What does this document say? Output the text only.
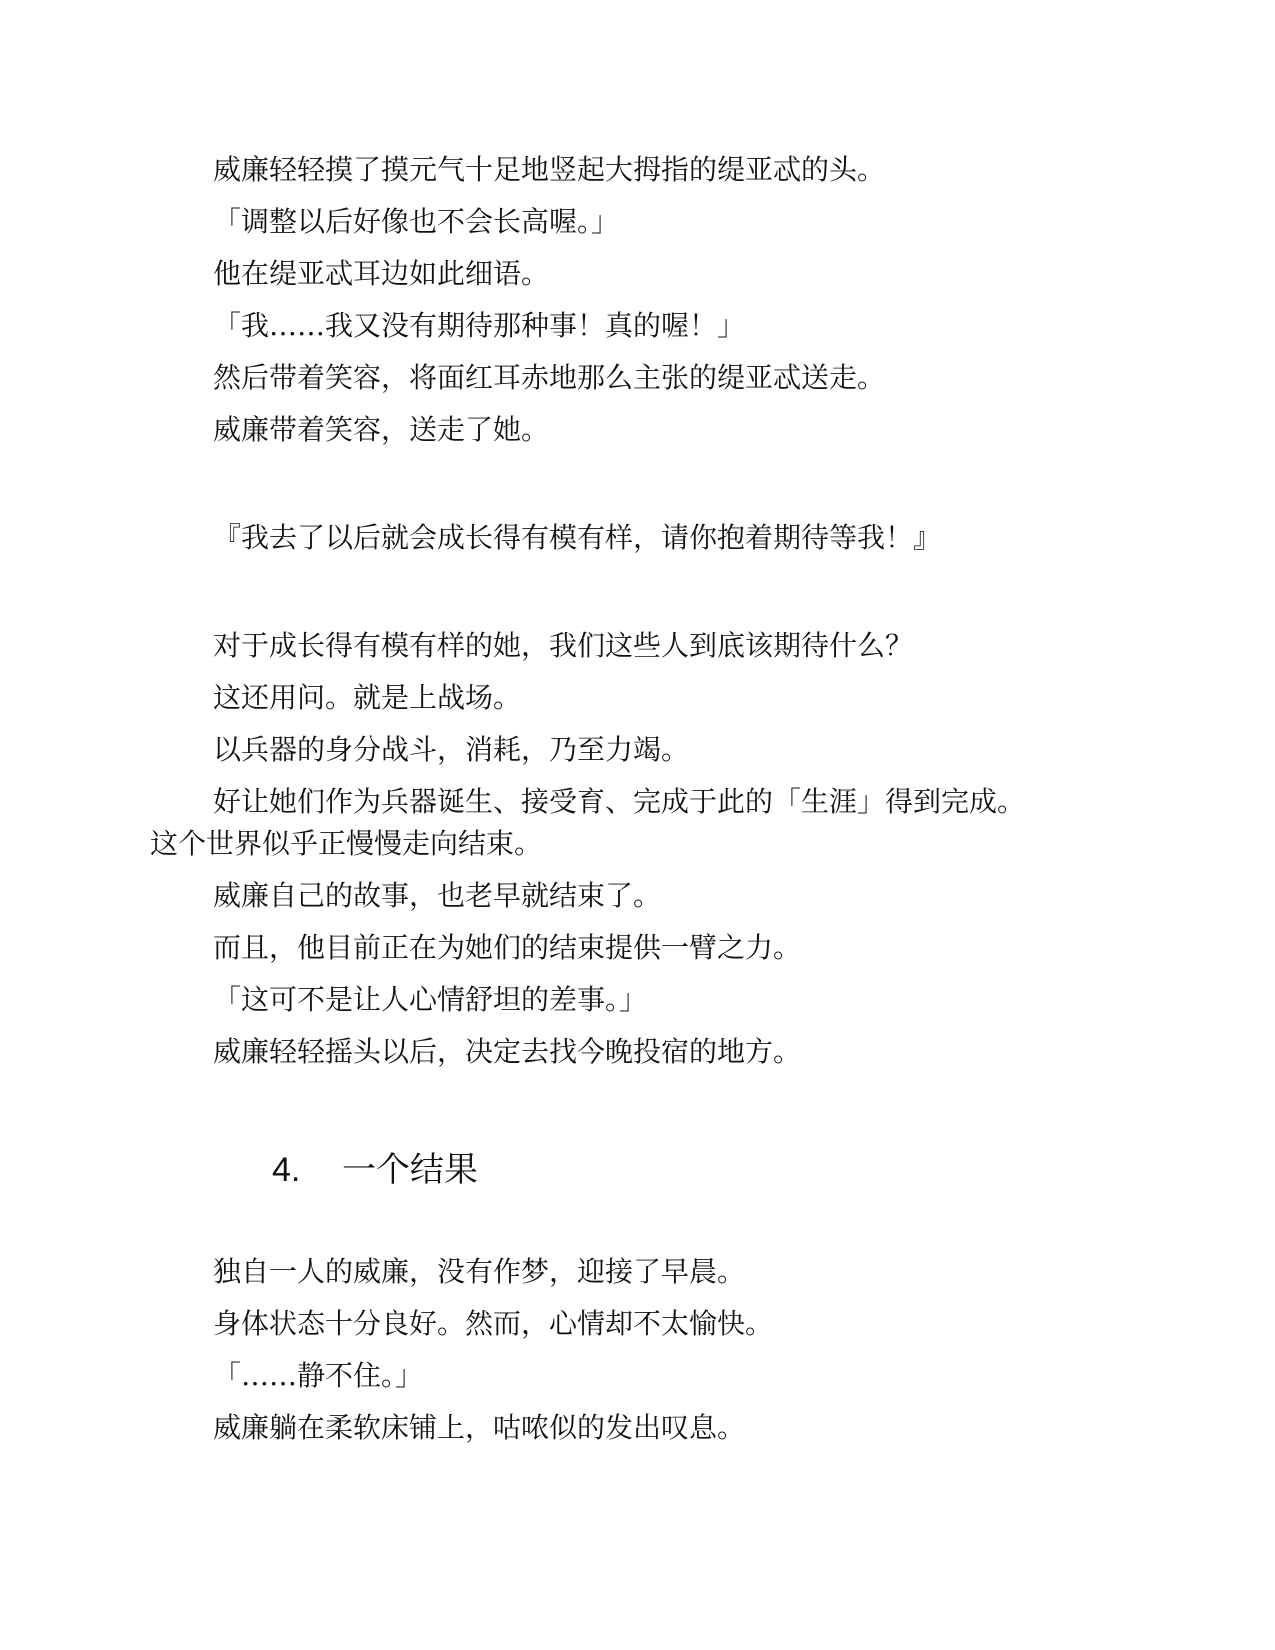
威廉轻轻摸了摸元气十足地竖起大拇指的缇亚忒的头。

「调整以后好像也不会长高喔。」

他在缇亚忒耳边如此细语。

「我……我又没有期待那种事！真的喔！」

然后带着笑容，将面红耳赤地那么主张的缇亚忒送走。

威廉带着笑容，送走了她。

『我去了以后就会成长得有模有样，请你抱着期待等我！』

对于成长得有模有样的她，我们这些人到底该期待什么？

这还用问。就是上战场。

以兵器的身分战斗，消耗，乃至力竭。

好让她们作为兵器诞生、接受育、完成于此的「生涯」得到完成。

这个世界似乎正慢慢走向结束。

威廉自己的故事，也老早就结束了。

而且，他目前正在为她们的结束提供一臂之力。

「这可不是让人心情舒坦的差事。」

威廉轻轻摇头以后，决定去找今晚投宿的地方。

4. 一个结果

独自一人的威廉，没有作梦，迎接了早晨。

身体状态十分良好。然而，心情却不太愉快。

「……静不住。」

威廉躺在柔软床铺上，咕哝似的发出叹息。
